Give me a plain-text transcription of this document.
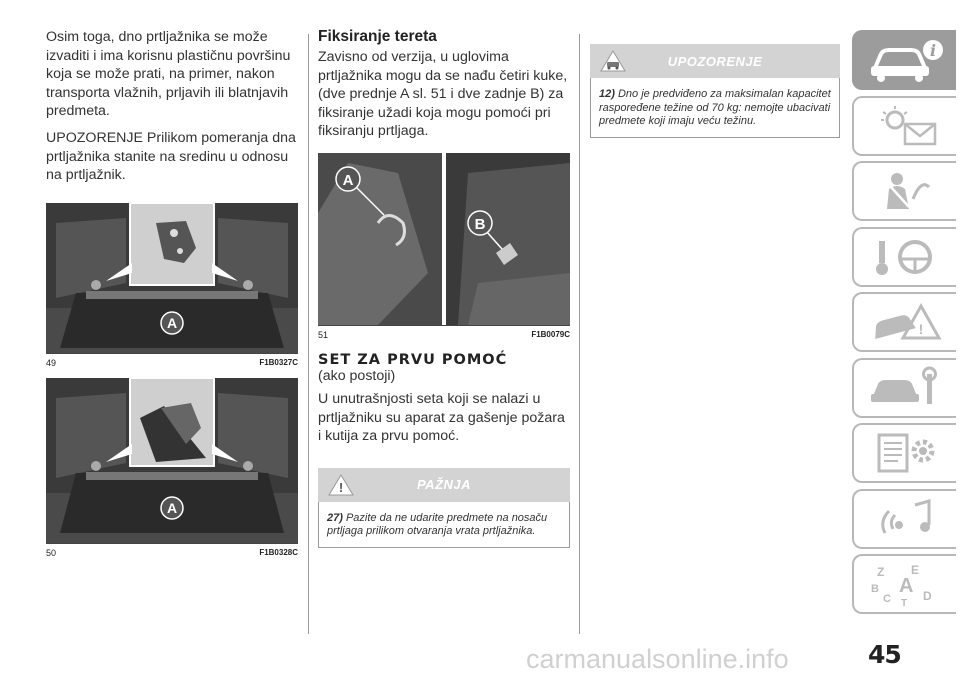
Osim toga, dno prtljažnika se može izvaditi i ima korisnu plastičnu površinu koja se može prati, na primer, nakon transporta vlažnih, prljavih ili blatnjavih predmeta.

UPOZORENJE Prilikom pomeranja dna prtljažnika stanite na sredinu u odnosu na prtljažnik.

A
49	F1B0327C
A
50	F1B0328C

Fiksiranje tereta

Zavisno od verzija, u uglovima prtljažnika mogu da se nađu četiri kuke, (dve prednje A sl. 51 i dve zadnje B) za fiksiranje užadi koja mogu pomoći pri fiksiranju prtljaga.

A
B
51	F1B0079C

SET ZA PRVU POMOĆ

(ako postoji)

U unutrašnjosti seta koji se nalazi u prtljažniku su aparat za gašenje požara i kutija za prvu pomoć.

!	PAŽNJA
27) Pazite da ne udarite predmete na nosaču prtljaga prilikom otvaranja vrata prtljažnika.
UPOZORENJE
12) Dno je predviđeno za maksimalan kapacitet raspoređene težine od 70 kg: nemojte ubacivati predmete koji imaju veću težinu.
i
!
Z E
B A
C	D
T
carmanualsonline.info	45
